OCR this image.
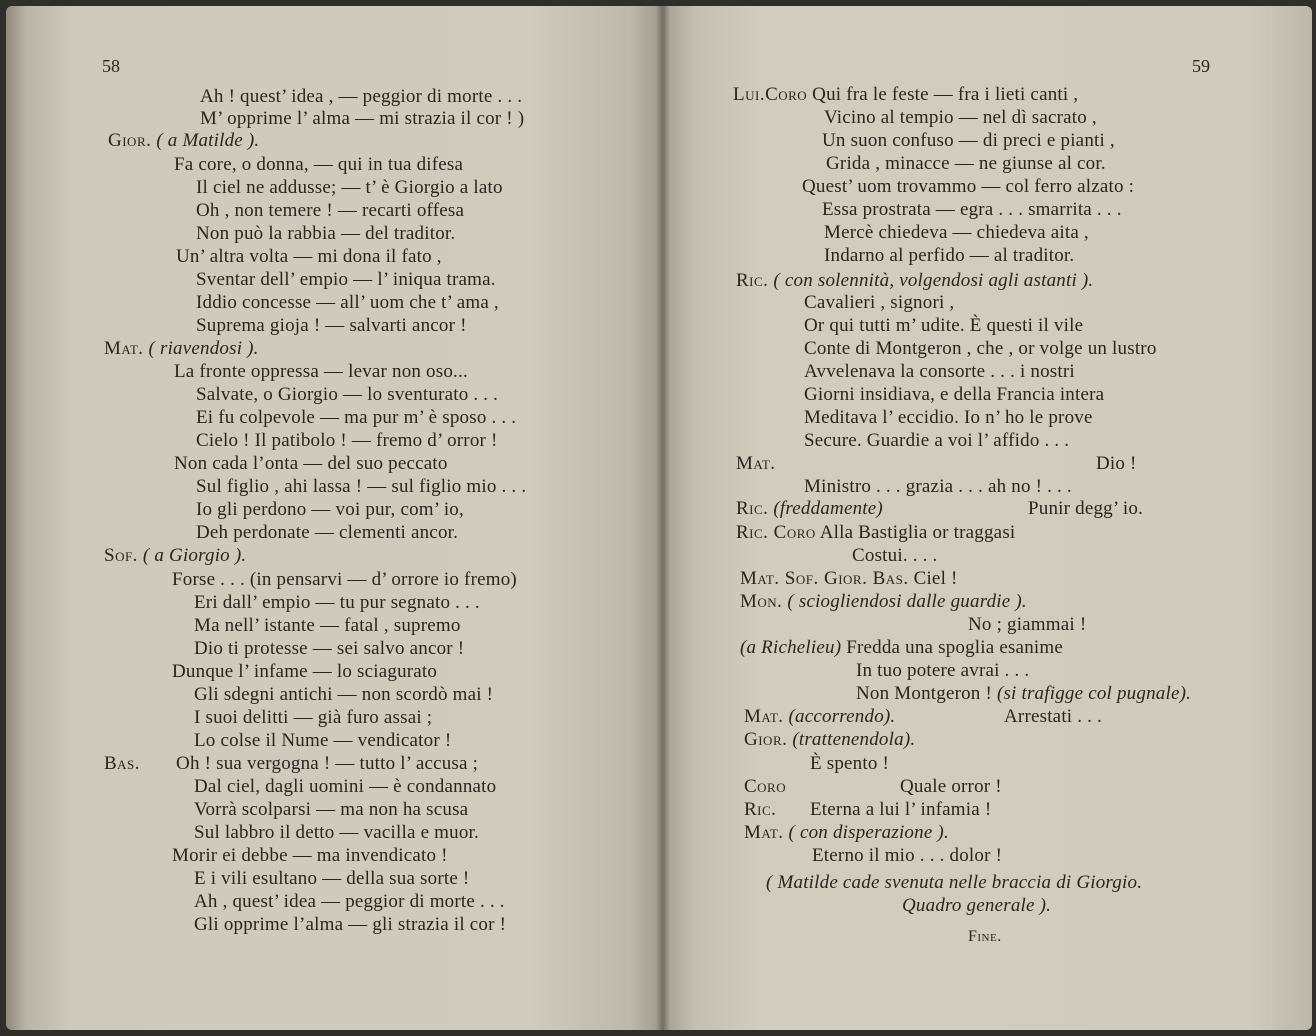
58	59
Ah ! quest’ idea , — peggior di morte . . .
M’ opprime l’ alma — mi strazia il cor ! )
Gior. ( a Matilde ).
Fa core, o donna, — qui in tua difesa
Il ciel ne addusse; — t’ è Giorgio a lato
Oh , non temere ! — recarti offesa
Non può la rabbia — del traditor.
Un’ altra volta — mi dona il fato ,
Sventar dell’ empio — l’ iniqua trama.
Iddio concesse — all’ uom che t’ ama ,
Suprema gioja ! — salvarti ancor !
Mat. ( riavendosi ).
La fronte oppressa — levar non oso...
Salvate, o Giorgio — lo sventurato . . .
Ei fu colpevole — ma pur m’ è sposo . . .
Cielo ! Il patibolo ! — fremo d’ orror !
Non cada l’onta — del suo peccato
Sul figlio , ahi lassa ! — sul figlio mio . . .
Io gli perdono — voi pur, com’ io,
Deh perdonate — clementi ancor.
Sof. ( a Giorgio ).
Forse . . . (in pensarvi — d’ orrore io fremo)
Eri dall’ empio — tu pur segnato . . .
Ma nell’ istante — fatal , supremo
Dio ti protesse — sei salvo ancor !
Dunque l’ infame — lo sciagurato
Gli sdegni antichi — non scordò mai !
I suoi delitti — già furo assai ;
Lo colse il Nume — vendicator !
Bas. Oh ! sua vergogna ! — tutto l’ accusa ;
Dal ciel, dagli uomini — è condannato
Vorrà scolparsi — ma non ha scusa
Sul labbro il detto — vacilla e muor.
Morir ei debbe — ma invendicato !
E i vili esultano — della sua sorte !
Ah , quest’ idea — peggior di morte . . .
Gli opprime l’alma — gli strazia il cor !
Lui.Coro Qui fra le feste — fra i lieti canti ,
Vicino al tempio — nel dì sacrato ,
Un suon confuso — di preci e pianti ,
Grida , minacce — ne giunse al cor.
Quest’ uom trovammo — col ferro alzato :
Essa prostrata — egra . . . smarrita . . .
Mercè chiedeva — chiedeva aita ,
Indarno al perfido — al traditor.
Ric. ( con solennità, volgendosi agli astanti ).
Cavalieri , signori ,
Or qui tutti m’ udite. È questi il vile
Conte di Montgeron , che , or volge un lustro
Avvelenava la consorte . . . i nostri
Giorni insidiava, e della Francia intera
Meditava l’ eccidio. Io n’ ho le prove
Secure. Guardie a voi l’ affido . . .
Mat.	Dio !
Ministro . . . grazia . . . ah no ! . . .
Ric. (freddamente)	Punir degg’ io.
Ric. Coro Alla Bastiglia or traggasi
Costui. . . .
Mat. Sof. Gior. Bas. Ciel !
Mon. ( sciogliendosi dalle guardie ).
No ; giammai !
(a Richelieu) Fredda una spoglia esanime
In tuo potere avrai . . .
Non Montgeron ! (si trafigge col pugnale).
Mat. (accorrendo).	Arrestati . . .
Gior. (trattenendola).
È spento !
Coro	Quale orror !
Ric. Eterna a lui l’ infamia !
Mat. ( con disperazione ).
Eterno il mio . . . dolor !
( Matilde cade svenuta nelle braccia di Giorgio.
Quadro generale ).
Fine.
